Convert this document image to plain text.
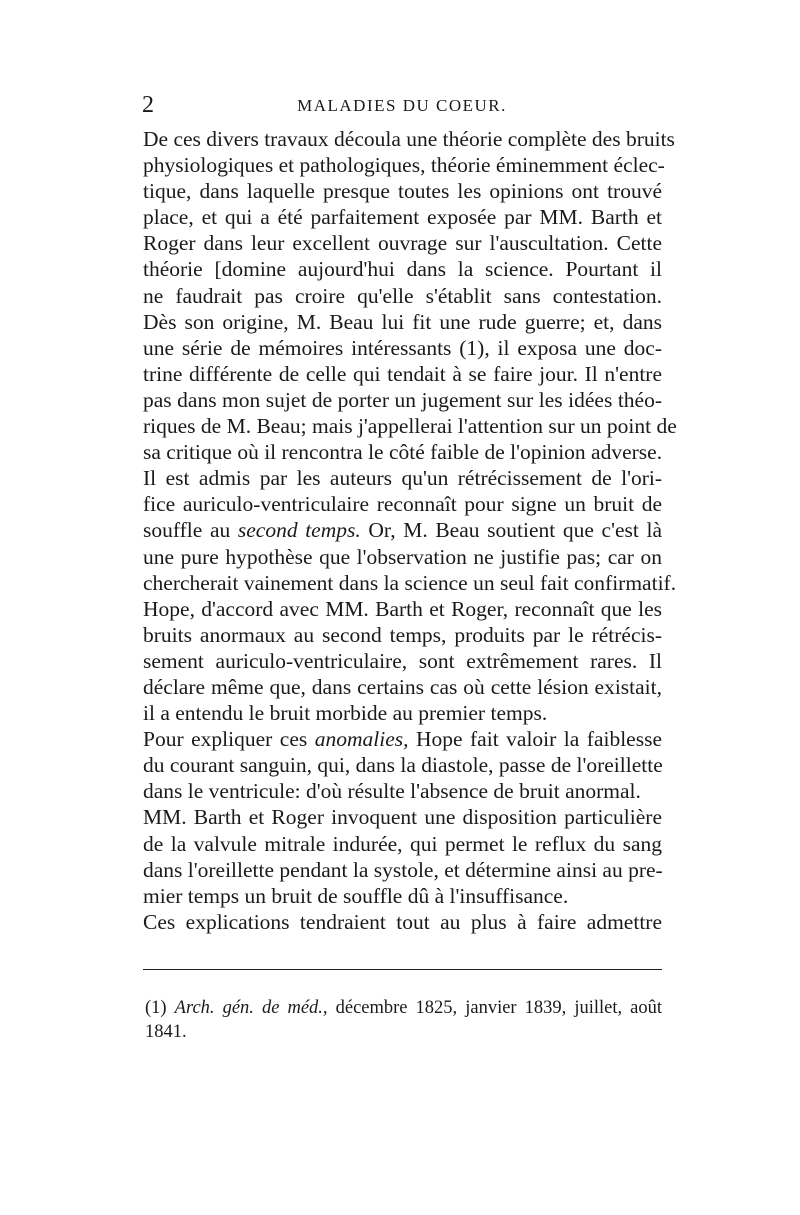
2	MALADIES DU COEUR.
De ces divers travaux découla une théorie complète des bruits
physiologiques et pathologiques, théorie éminemment éclec-
tique, dans laquelle presque toutes les opinions ont trouvé
place, et qui a été parfaitement exposée par MM. Barth et
Roger dans leur excellent ouvrage sur l'auscultation. Cette
théorie [domine aujourd'hui dans la science. Pourtant il
ne faudrait pas croire qu'elle s'établit sans contestation.
Dès son origine, M. Beau lui fit une rude guerre; et, dans
une série de mémoires intéressants (1), il exposa une doc-
trine différente de celle qui tendait à se faire jour. Il n'entre
pas dans mon sujet de porter un jugement sur les idées théo-
riques de M. Beau; mais j'appellerai l'attention sur un point de
sa critique où il rencontra le côté faible de l'opinion adverse.
Il est admis par les auteurs qu'un rétrécissement de l'ori-
fice auriculo-ventriculaire reconnaît pour signe un bruit de
souffle au second temps. Or, M. Beau soutient que c'est là
une pure hypothèse que l'observation ne justifie pas; car on
chercherait vainement dans la science un seul fait confirmatif.
Hope, d'accord avec MM. Barth et Roger, reconnaît que les
bruits anormaux au second temps, produits par le rétrécis-
sement auriculo-ventriculaire, sont extrêmement rares. Il
déclare même que, dans certains cas où cette lésion existait,
il a entendu le bruit morbide au premier temps.
Pour expliquer ces anomalies, Hope fait valoir la faiblesse
du courant sanguin, qui, dans la diastole, passe de l'oreillette
dans le ventricule: d'où résulte l'absence de bruit anormal.
MM. Barth et Roger invoquent une disposition particulière
de la valvule mitrale indurée, qui permet le reflux du sang
dans l'oreillette pendant la systole, et détermine ainsi au pre-
mier temps un bruit de souffle dû à l'insuffisance.
Ces explications tendraient tout au plus à faire admettre
(1) Arch. gén. de méd., décembre 1825, janvier 1839, juillet, août
1841.
